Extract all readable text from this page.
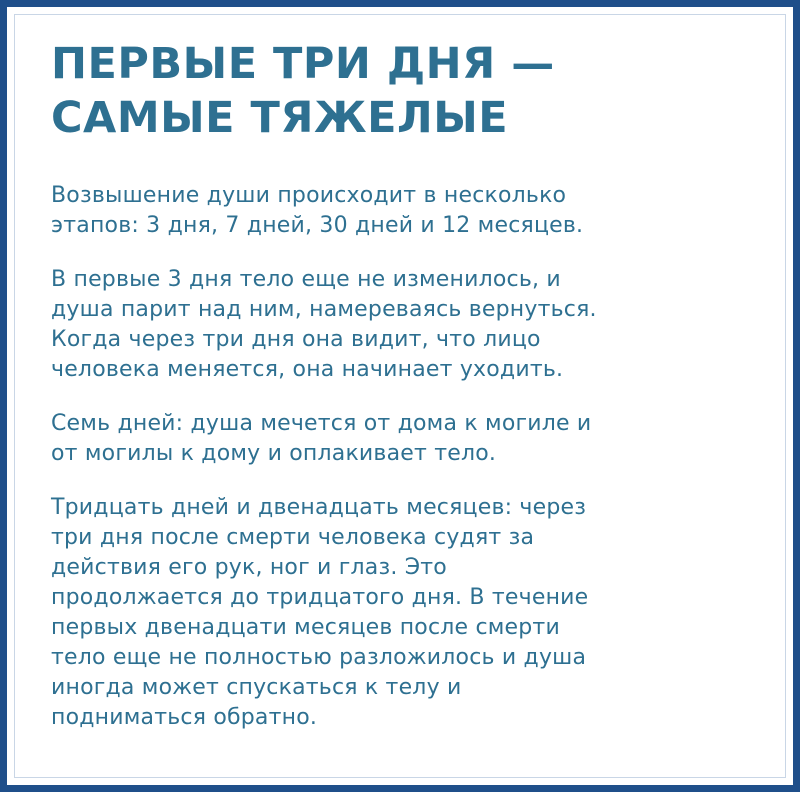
ПЕРВЫЕ ТРИ ДНЯ —
САМЫЕ ТЯЖЕЛЫЕ
Возвышение души происходит в несколько
этапов: 3 дня, 7 дней, 30 дней и 12 месяцев.
В первые 3 дня тело еще не изменилось, и
душа парит над ним, намереваясь вернуться.
Когда через три дня она видит, что лицо
человека меняется, она начинает уходить.
Семь дней: душа мечется от дома к могиле и
от могилы к дому и оплакивает тело.
Тридцать дней и двенадцать месяцев: через
три дня после смерти человека судят за
действия его рук, ног и глаз. Это
продолжается до тридцатого дня. В течение
первых двенадцати месяцев после смерти
тело еще не полностью разложилось и душа
иногда может спускаться к телу и
подниматься обратно.
